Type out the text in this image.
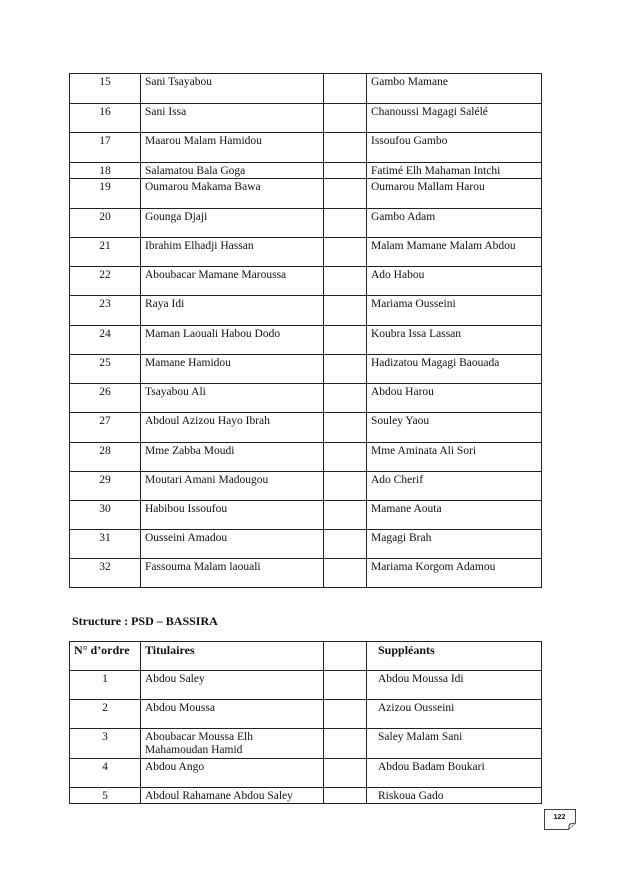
15	Sani Tsayabou		Gambo Mamane
16	Sani Issa		Chanoussi Magagi Salélé
17	Maarou Malam Hamidou		Issoufou Gambo
18	Salamatou Bala Goga		Fatimé Elh Mahaman Intchi
19	Oumarou Makama Bawa		Oumarou Mallam Harou
20	Gounga Djaji		Gambo Adam
21	Ibrahim Elhadji Hassan		Malam Mamane Malam Abdou
22	Aboubacar Mamane Maroussa		Ado Habou
23	Raya Idi		Mariama Ousseini
24	Maman Laouali Habou Dodo		Koubra Issa Lassan
25	Mamane Hamidou		Hadizatou Magagi Baouada
26	Tsayabou Ali		Abdou Harou
27	Abdoul Azizou Hayo Ibrah		Souley Yaou
28	Mme Zabba Moudi		Mme Aminata Ali Sori
29	Moutari Amani Madougou		Ado Cherif
30	Habibou Issoufou		Mamane Aouta
31	Ousseini Amadou		Magagi Brah
32	Fassouma Malam laouali		Mariama Korgom Adamou
Structure : PSD – BASSIRA
N° d’ordre	Titulaires		Suppléants
1	Abdou Saley		Abdou Moussa Idi
2	Abdou Moussa		Azizou Ousseini
3	Aboubacar Moussa Elh Mahamoudan Hamid		Saley Malam Sani
4	Abdou Ango		Abdou Badam Boukari
5	Abdoul Rahamane Abdou Saley		Riskoua Gado
122
